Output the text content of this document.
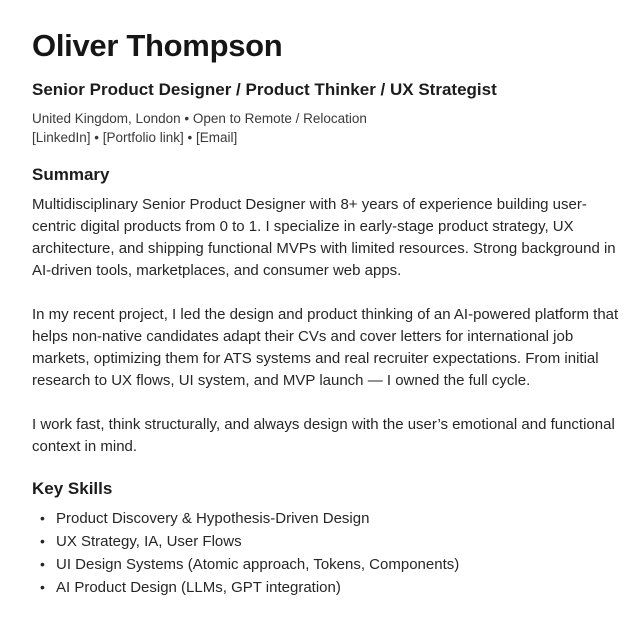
Oliver Thompson
Senior Product Designer / Product Thinker / UX Strategist

United Kingdom, London • Open to Remote / Relocation

[LinkedIn] • [Portfolio link] • [Email]

Summary

Multidisciplinary Senior Product Designer with 8+ years of experience building user-centric digital products from 0 to 1. I specialize in early-stage product strategy, UX architecture, and shipping functional MVPs with limited resources. Strong background in AI-driven tools, marketplaces, and consumer web apps.

In my recent project, I led the design and product thinking of an AI-powered platform that helps non-native candidates adapt their CVs and cover letters for international job markets, optimizing them for ATS systems and real recruiter expectations. From initial research to UX flows, UI system, and MVP launch — I owned the full cycle.

I work fast, think structurally, and always design with the user’s emotional and functional context in mind.

Key Skills
• Product Discovery & Hypothesis-Driven Design
• UX Strategy, IA, User Flows
• UI Design Systems (Atomic approach, Tokens, Components)
• AI Product Design (LLMs, GPT integration)
